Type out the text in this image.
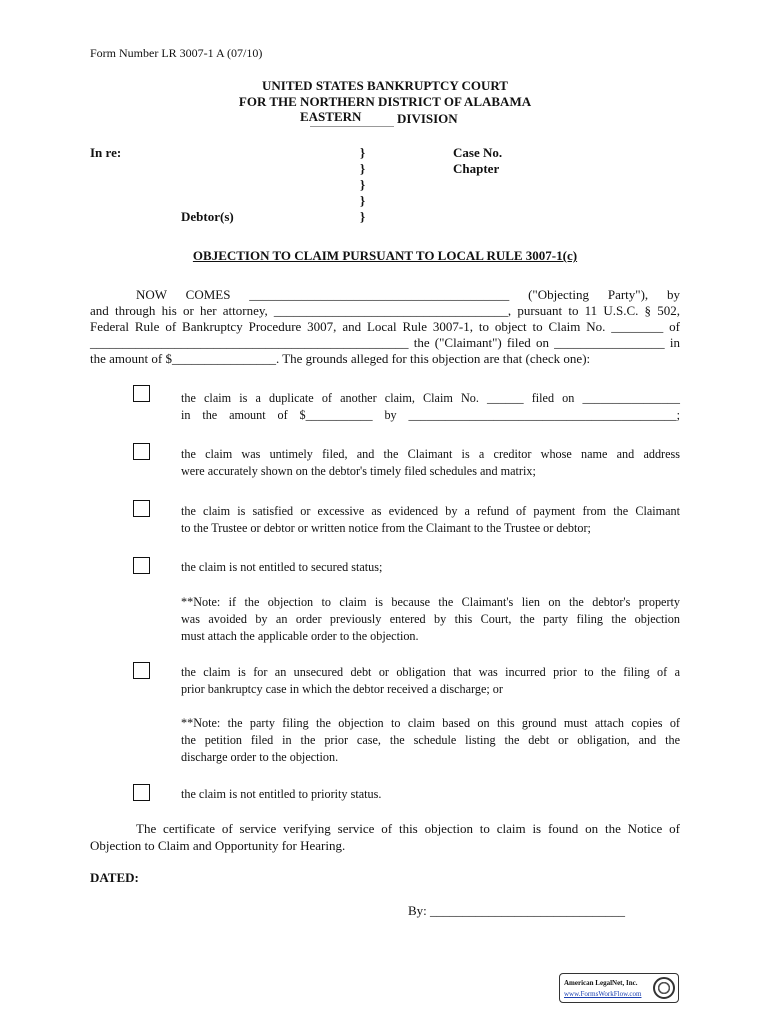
Form Number LR 3007-1 A (07/10)
UNITED STATES BANKRUPTCY COURT
FOR THE NORTHERN DISTRICT OF ALABAMA
EASTERN	DIVISION
In re:
Debtor(s)
}
}
}
}
}
Case No.
Chapter
OBJECTION TO CLAIM PURSUANT TO LOCAL RULE 3007-1(c)
NOW COMES ________________________________________ ("Objecting Party"), by
and through his or her attorney, ____________________________________, pursuant to 11 U.S.C. § 502,
Federal Rule of Bankruptcy Procedure 3007, and Local Rule 3007-1, to object to Claim No. ________ of
_________________________________________________ the ("Claimant") filed on _________________ in
the amount of $________________. The grounds alleged for this objection are that (check one):
the claim is a duplicate of another claim, Claim No. ______ filed on ________________
in the amount of $___________ by ____________________________________________;
the claim was untimely filed, and the Claimant is a creditor whose name and address
were accurately shown on the debtor's timely filed schedules and matrix;
the claim is satisfied or excessive as evidenced by a refund of payment from the Claimant
to the Trustee or debtor or written notice from the Claimant to the Trustee or debtor;
the claim is not entitled to secured status;
**Note: if the objection to claim is because the Claimant's lien on the debtor's property
was avoided by an order previously entered by this Court, the party filing the objection
must attach the applicable order to the objection.
the claim is for an unsecured debt or obligation that was incurred prior to the filing of a
prior bankruptcy case in which the debtor received a discharge; or
**Note: the party filing the objection to claim based on this ground must attach copies of
the petition filed in the prior case, the schedule listing the debt or obligation, and the
discharge order to the objection.
the claim is not entitled to priority status.
The certificate of service verifying service of this objection to claim is found on the Notice of
Objection to Claim and Opportunity for Hearing.
DATED:
By: ______________________________
American LegalNet, Inc.
www.FormsWorkFlow.com
